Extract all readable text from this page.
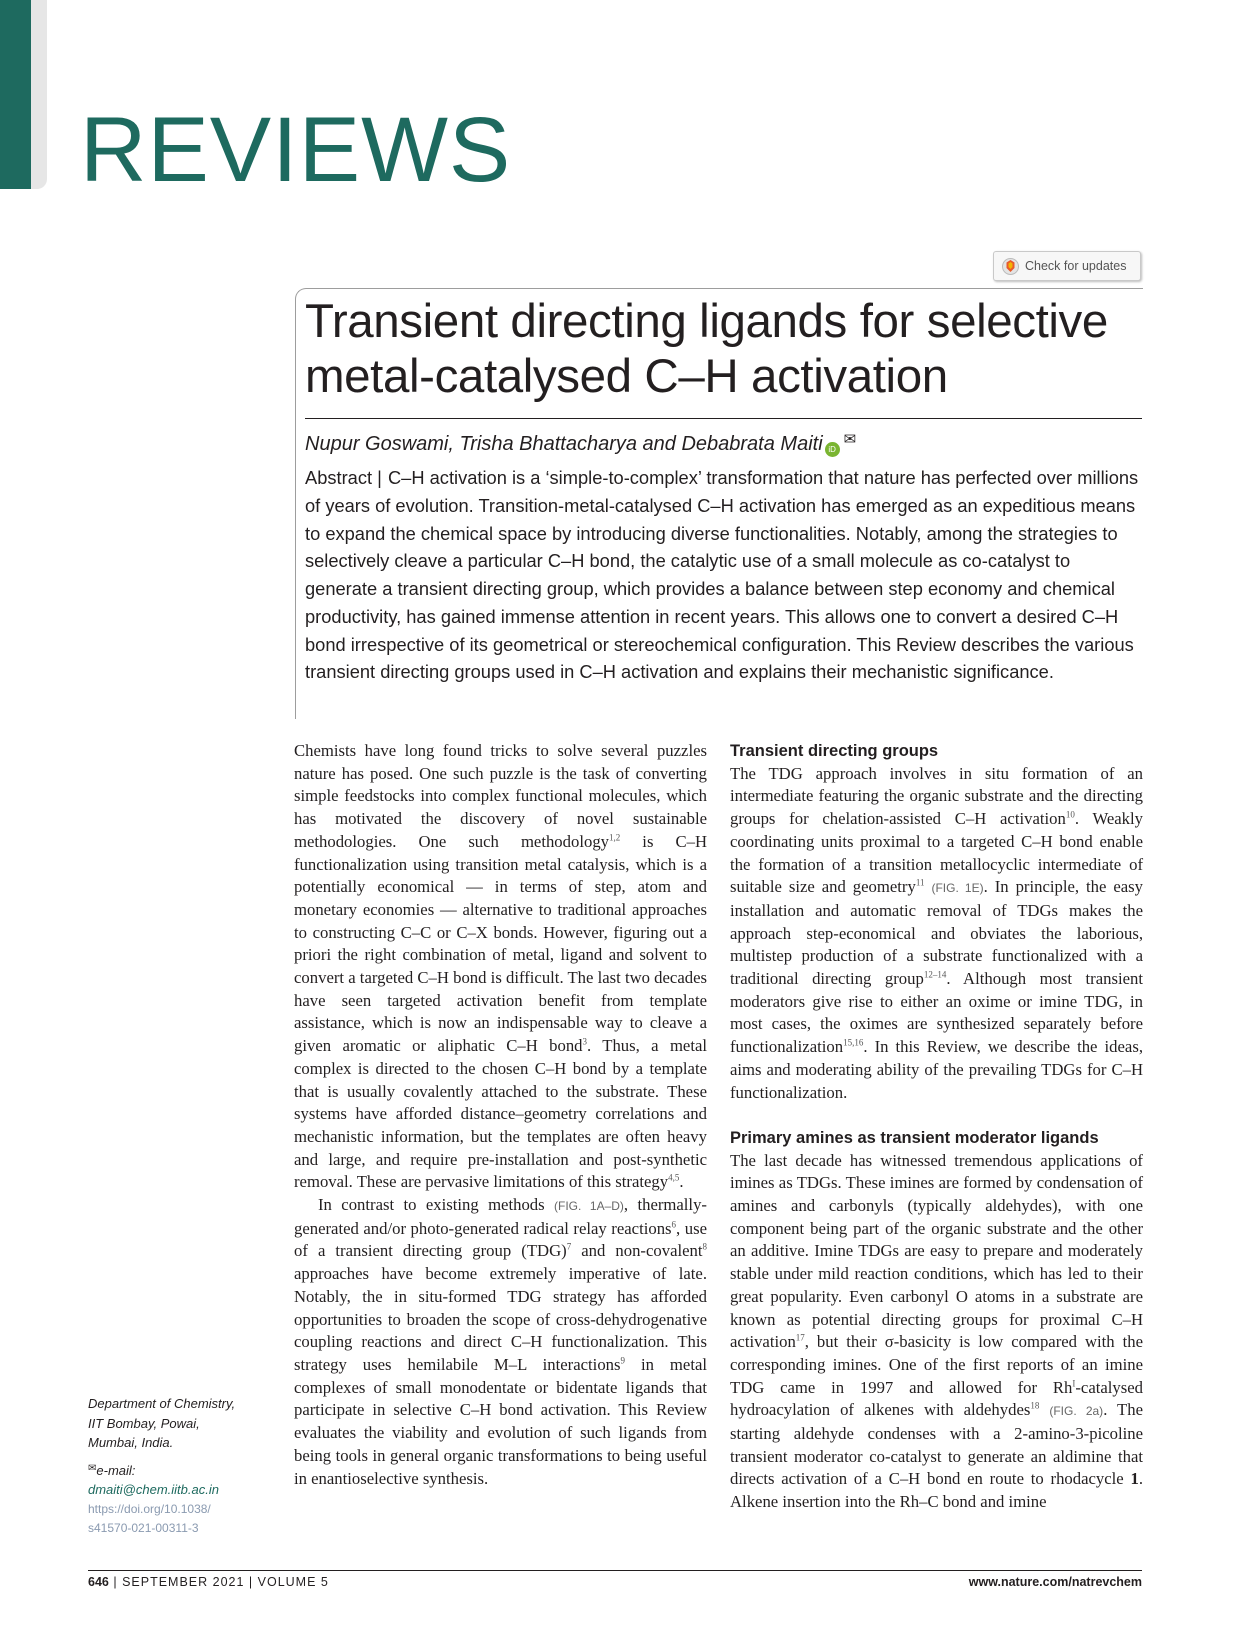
REVIEWS
Check for updates
Transient directing ligands for selective metal-catalysed C–H activation

Nupur Goswami, Trisha Bhattacharya and Debabrata Maiti iD✉

Abstract | C–H activation is a ‘simple-to-complex’ transformation that nature has perfected over millions of years of evolution. Transition-metal-catalysed C–H activation has emerged as an expeditious means to expand the chemical space by introducing diverse functionalities. Notably, among the strategies to selectively cleave a particular C–H bond, the catalytic use of a small molecule as co-catalyst to generate a transient directing group, which provides a balance between step economy and chemical productivity, has gained immense attention in recent years. This allows one to convert a desired C–H bond irrespective of its geometrical or stereochemical configuration. This Review describes the various transient directing groups used in C–H activation and explains their mechanistic significance.

Chemists have long found tricks to solve several puzzles nature has posed. One such puzzle is the task of converting simple feedstocks into complex functional molecules, which has motivated the discovery of novel sustainable methodologies. One such methodology$^{1,2}$ is C–H functionalization using transition metal catalysis, which is a potentially economical — in terms of step, atom and monetary economies — alternative to traditional approaches to constructing C–C or C–X bonds. However, figuring out a priori the right combination of metal, ligand and solvent to convert a targeted C–H bond is difficult. The last two decades have seen targeted activation benefit from template assistance, which is now an indispensable way to cleave a given aromatic or aliphatic C–H bond$^3$. Thus, a metal complex is directed to the chosen C–H bond by a template that is usually covalently attached to the substrate. These systems have afforded distance–geometry correlations and mechanistic information, but the templates are often heavy and large, and require pre-installation and post-synthetic removal. These are pervasive limitations of this strategy$^{4,5}$.

In contrast to existing methods (FIG. 1A–D), thermally-generated and/or photo-generated radical relay reactions$^6$, use of a transient directing group (TDG)$^7$ and non-covalent$^8$ approaches have become extremely imperative of late. Notably, the in situ-formed TDG strategy has afforded opportunities to broaden the scope of cross-dehydrogenative coupling reactions and direct C–H functionalization. This strategy uses hemilabile M–L interactions$^9$ in metal complexes of small monodentate or bidentate ligands that participate in selective C–H bond activation. This Review evaluates the viability and evolution of such ligands from being tools in general organic transformations to being useful in enantioselective synthesis.

Transient directing groups

The TDG approach involves in situ formation of an intermediate featuring the organic substrate and the directing groups for chelation-assisted C–H activation$^{10}$. Weakly coordinating units proximal to a targeted C–H bond enable the formation of a transition metallocyclic intermediate of suitable size and geometry$^{11}$ (FIG. 1E). In principle, the easy installation and automatic removal of TDGs makes the approach step-economical and obviates the laborious, multistep production of a substrate functionalized with a traditional directing group$^{12-14}$. Although most transient moderators give rise to either an oxime or imine TDG, in most cases, the oximes are synthesized separately before functionalization$^{15,16}$. In this Review, we describe the ideas, aims and moderating ability of the prevailing TDGs for C–H functionalization.

Primary amines as transient moderator ligands

The last decade has witnessed tremendous applications of imines as TDGs. These imines are formed by condensation of amines and carbonyls (typically aldehydes), with one component being part of the organic substrate and the other an additive. Imine TDGs are easy to prepare and moderately stable under mild reaction conditions, which has led to their great popularity. Even carbonyl O atoms in a substrate are known as potential directing groups for proximal C–H activation$^{17}$, but their σ-basicity is low compared with the corresponding imines. One of the first reports of an imine TDG came in 1997 and allowed for Rh$^I$-catalysed hydroacylation of alkenes with aldehydes$^{18}$ (FIG. 2a). The starting aldehyde condenses with a 2-amino-3-picoline transient moderator co-catalyst to generate an aldimine that directs activation of a C–H bond en route to rhodacycle 1. Alkene insertion into the Rh–C bond and imine

Department of Chemistry,
IIT Bombay, Powai,
Mumbai, India.
✉e-mail:
dmaiti@chem.iitb.ac.in
https://doi.org/10.1038/
s41570-021-00311-3
646 | SEPTEMBER 2021 | VOLUME 5	www.nature.com/natrevchem
